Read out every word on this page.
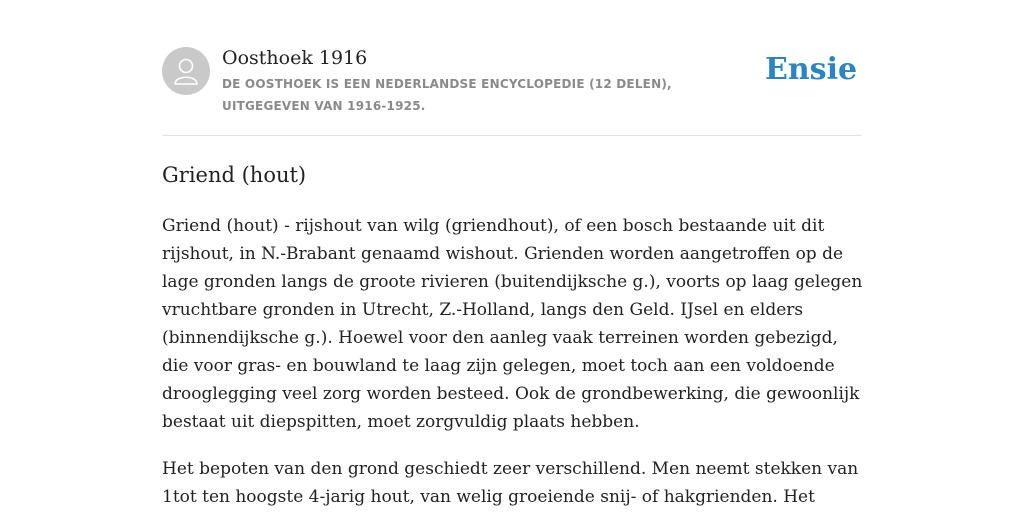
Oosthoek 1916
DE OOSTHOEK IS EEN NEDERLANDSE ENCYCLOPEDIE (12 DELEN), UITGEGEVEN VAN 1916-1925.
Ensie
Griend (hout)

Griend (hout) - rijshout van wilg (griendhout), of een bosch bestaande uit dit rijshout, in N.-Brabant genaamd wishout. Grienden worden aangetroffen op de lage gronden langs de groote rivieren (buitendijksche g.), voorts op laag gelegen vruchtbare gronden in Utrecht, Z.-Holland, langs den Geld. IJsel en elders (binnendijksche g.). Hoewel voor den aanleg vaak terreinen worden gebezigd, die voor gras- en bouwland te laag zijn gelegen, moet toch aan een voldoende drooglegging veel zorg worden besteed. Ook de grondbewerking, die gewoonlijk bestaat uit diepspitten, moet zorgvuldig plaats hebben.

Het bepoten van den grond geschiedt zeer verschillend. Men neemt stekken van 1tot ten hoogste 4-jarig hout, van welig groeiende snij- of hakgrienden. Het
